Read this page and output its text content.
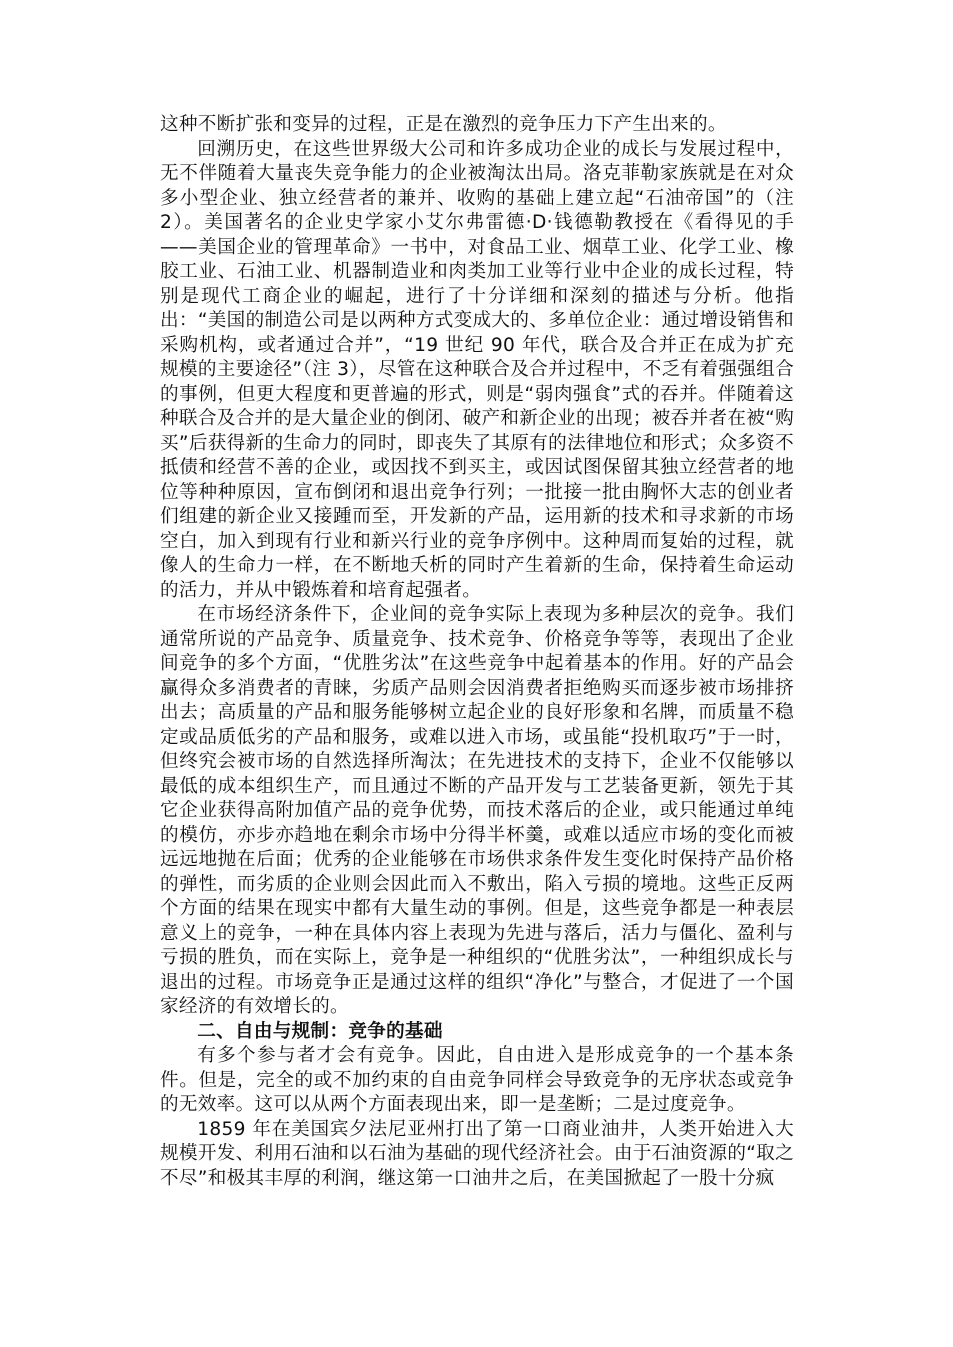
这种不断扩张和变异的过程，正是在激烈的竞争压力下产生出来的。

回溯历史，在这些世界级大公司和许多成功企业的成长与发展过程中，无不伴随着大量丧失竞争能力的企业被淘汰出局。洛克菲勒家族就是在对众多小型企业、独立经营者的兼并、收购的基础上建立起“石油帝国”的（注2）。美国著名的企业史学家小艾尔弗雷德·D·钱德勒教授在《看得见的手——美国企业的管理革命》一书中，对食品工业、烟草工业、化学工业、橡胶工业、石油工业、机器制造业和肉类加工业等行业中企业的成长过程，特别是现代工商企业的崛起，进行了十分详细和深刻的描述与分析。他指出：“美国的制造公司是以两种方式变成大的、多单位企业：通过增设销售和采购机构，或者通过合并”，“19 世纪 90 年代，联合及合并正在成为扩充规模的主要途径”（注 3），尽管在这种联合及合并过程中，不乏有着强强组合的事例，但更大程度和更普遍的形式，则是“弱肉强食”式的吞并。伴随着这种联合及合并的是大量企业的倒闭、破产和新企业的出现；被吞并者在被“购买”后获得新的生命力的同时，即丧失了其原有的法律地位和形式；众多资不抵债和经营不善的企业，或因找不到买主，或因试图保留其独立经营者的地位等种种原因，宣布倒闭和退出竞争行列；一批接一批由胸怀大志的创业者们组建的新企业又接踵而至，开发新的产品，运用新的技术和寻求新的市场空白，加入到现有行业和新兴行业的竞争序例中。这种周而复始的过程，就像人的生命力一样，在不断地夭析的同时产生着新的生命，保持着生命运动的活力，并从中锻炼着和培育起强者。

在市场经济条件下，企业间的竞争实际上表现为多种层次的竞争。我们通常所说的产品竞争、质量竞争、技术竞争、价格竞争等等，表现出了企业间竞争的多个方面，“优胜劣汰”在这些竞争中起着基本的作用。好的产品会赢得众多消费者的青睐，劣质产品则会因消费者拒绝购买而逐步被市场排挤出去；高质量的产品和服务能够树立起企业的良好形象和名牌，而质量不稳定或品质低劣的产品和服务，或难以进入市场，或虽能“投机取巧”于一时，但终究会被市场的自然选择所淘汰；在先进技术的支持下，企业不仅能够以最低的成本组织生产，而且通过不断的产品开发与工艺装备更新，领先于其它企业获得高附加值产品的竞争优势，而技术落后的企业，或只能通过单纯的模仿，亦步亦趋地在剩余市场中分得半杯羹，或难以适应市场的变化而被远远地抛在后面；优秀的企业能够在市场供求条件发生变化时保持产品价格的弹性，而劣质的企业则会因此而入不敷出，陷入亏损的境地。这些正反两个方面的结果在现实中都有大量生动的事例。但是，这些竞争都是一种表层意义上的竞争，一种在具体内容上表现为先进与落后，活力与僵化、盈利与亏损的胜负，而在实际上，竞争是一种组织的“优胜劣汰”，一种组织成长与退出的过程。市场竞争正是通过这样的组织“净化”与整合，才促进了一个国家经济的有效增长的。

二、自由与规制：竞争的基础

有多个参与者才会有竞争。因此，自由进入是形成竞争的一个基本条件。但是，完全的或不加约束的自由竞争同样会导致竞争的无序状态或竞争的无效率。这可以从两个方面表现出来，即一是垄断；二是过度竞争。

1859 年在美国宾夕法尼亚州打出了第一口商业油井，人类开始进入大规模开发、利用石油和以石油为基础的现代经济社会。由于石油资源的“取之不尽”和极其丰厚的利润，继这第一口油井之后，在美国掀起了一股十分疯
